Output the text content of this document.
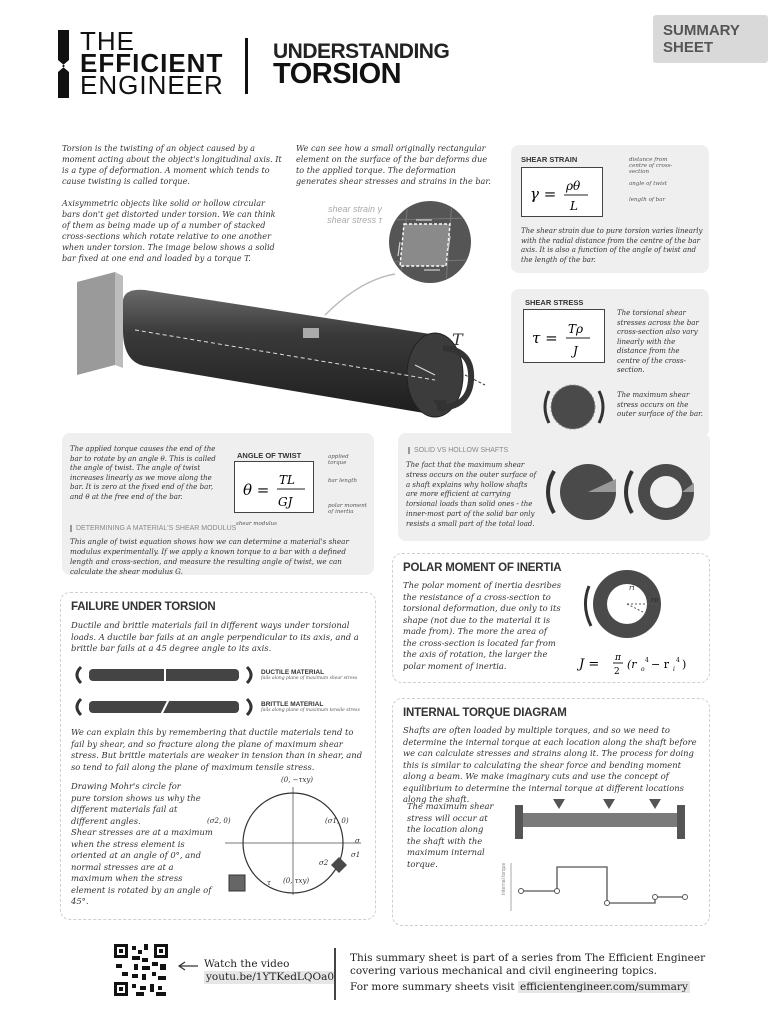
SUMMARY SHEET
THE
EFFICIENT
ENGINEER
UNDERSTANDING
TORSION
Torsion is the twisting of an object caused by a moment acting about the object's longitudinal axis. It is a type of deformation. A moment which tends to cause twisting is called torque.
Axisymmetric objects like solid or hollow circular bars don't get distorted under torsion. We can think of them as being made up of a number of stacked cross-sections which rotate relative to one another when under torsion. The image below shows a solid bar fixed at one end and loaded by a torque T.
We can see how a small originally rectangular element on the surface of the bar deforms due to the applied torque. The deformation generates shear stresses and strains in the bar.
shear strain γ
shear stress τ
T
SHEAR STRAIN
γ = ρθ
L
distance from centre of cross-section
angle of twist
length of bar
The shear strain due to pure torsion varies linearly with the radial distance from the centre of the bar axis. It is also a function of the angle of twist and the length of the bar.
SHEAR STRESS
τ = Tρ
J
The torsional shear stresses across the bar cross-section also vary linearly with the distance from the centre of the cross-section.
The maximum shear stress occurs on the outer surface of the bar.
The applied torque causes the end of the bar to rotate by an angle θ. This is called the angle of twist. The angle of twist increases linearly as we move along the bar. It is zero at the fixed end of the bar, and θ at the free end of the bar.
ANGLE OF TWIST
θ =
TL
GJ
applied torque
bar length
polar moment of inertia
shear modulus
DETERMINING A MATERIAL'S SHEAR MODULUS
This angle of twist equation shows how we can determine a material's shear modulus experimentally. If we apply a known torque to a bar with a defined length and cross-section, and measure the resulting angle of twist, we can calculate the shear modulus G.
SOLID VS HOLLOW SHAFTS
The fact that the maximum shear stress occurs on the outer surface of a shaft explains why hollow shafts are more efficient at carrying torsional loads than solid ones - the inner-most part of the solid bar only resists a small part of the total load.
FAILURE UNDER TORSION
Ductile and brittle materials fail in different ways under torsional loads. A ductile bar fails at an angle perpendicular to its axis, and a brittle bar fails at a 45 degree angle to its axis.
DUCTILE MATERIAL
fails along plane of maximum shear stress
BRITTLE MATERIAL
fails along plane of maximum tensile stress
We can explain this by remembering that ductile materials tend to fail by shear, and so fracture along the plane of maximum shear stress. But brittle materials are weaker in tension than in shear, and so tend to fail along the plane of maximum tensile stress.
Drawing Mohr's circle for pure torsion shows us why the different materials fail at different angles.
Shear stresses are at a maximum when the stress element is oriented at an angle of 0°, and normal stresses are at a maximum when the stress element is rotated by an angle of 45°.
(0, −τxy)
(σ2, 0)	(σ1, 0)
(0, τxy)
σ
τ
σ1
σ2
POLAR MOMENT OF INERTIA
The polar moment of inertia desribes the resistance of a cross-section to torsional deformation, due only to its shape (not due to the material it is made from). The more the area of the cross-section is located far from the axis of rotation, the larger the polar moment of inertia.
ri
ro
J = π
2
(r o
4 − r i
4 )
INTERNAL TORQUE DIAGRAM
Shafts are often loaded by multiple torques, and so we need to determine the internal torque at each location along the shaft before we can calculate stresses and strains along it. The process for doing this is similar to calculating the shear force and bending moment along a beam. We make imaginary cuts and use the concept of equilibrium to determine the internal torque at different locations along the shaft.
The maximum shear stress will occur at the location along the shaft with the maximum internal torque.	Internal torque
Watch the video
youtu.be/1YTKedLQOa0
This summary sheet is part of a series from The Efficient Engineer
covering various mechanical and civil engineering topics.
For more summary sheets visit efficientengineer.com/summary
